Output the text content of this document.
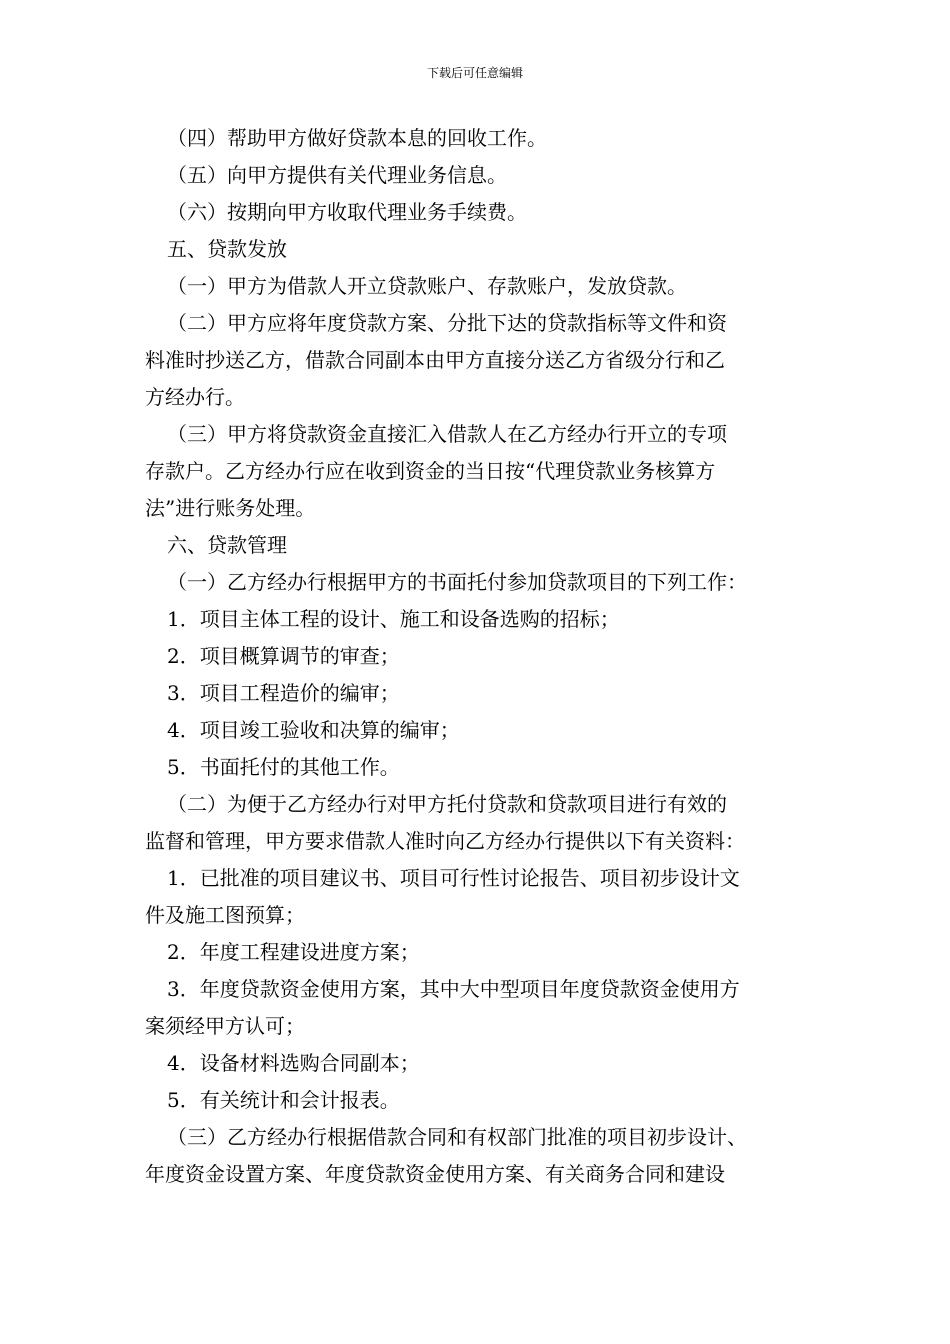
下载后可任意编辑
（四）帮助甲方做好贷款本息的回收工作。
（五）向甲方提供有关代理业务信息。
（六）按期向甲方收取代理业务手续费。
五、贷款发放
（一）甲方为借款人开立贷款账户、存款账户，发放贷款。
（二）甲方应将年度贷款方案、分批下达的贷款指标等文件和资
料准时抄送乙方，借款合同副本由甲方直接分送乙方省级分行和乙
方经办行。
（三）甲方将贷款资金直接汇入借款人在乙方经办行开立的专项
存款户。乙方经办行应在收到资金的当日按“代理贷款业务核算方
法”进行账务处理。
六、贷款管理
（一）乙方经办行根据甲方的书面托付参加贷款项目的下列工作：
1．项目主体工程的设计、施工和设备选购的招标；
2．项目概算调节的审查；
3．项目工程造价的编审；
4．项目竣工验收和决算的编审；
5．书面托付的其他工作。
（二）为便于乙方经办行对甲方托付贷款和贷款项目进行有效的
监督和管理，甲方要求借款人准时向乙方经办行提供以下有关资料：
1．已批准的项目建议书、项目可行性讨论报告、项目初步设计文
件及施工图预算；
2．年度工程建设进度方案；
3．年度贷款资金使用方案，其中大中型项目年度贷款资金使用方
案须经甲方认可；
4．设备材料选购合同副本；
5．有关统计和会计报表。
（三）乙方经办行根据借款合同和有权部门批准的项目初步设计、
年度资金设置方案、年度贷款资金使用方案、有关商务合同和建设
